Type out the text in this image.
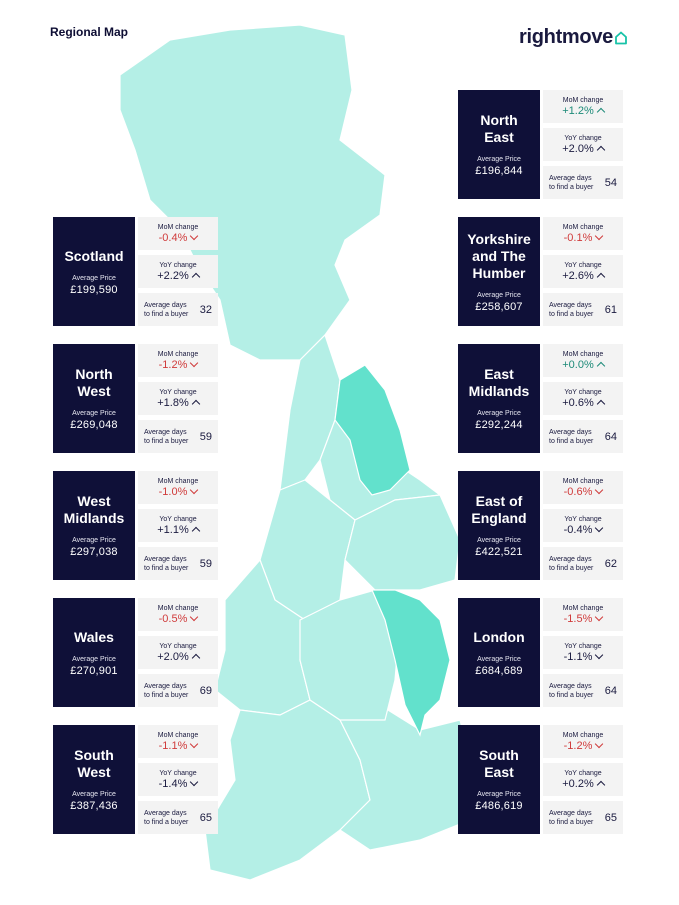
Regional Map	rightmove
North
East
Average Price
£196,844
MoM change
+1.2%
YoY change
+2.0%
Average days
to find a buyer 54
Scotland
Average Price
£199,590
MoM change
-0.4%
YoY change
+2.2%
Average days
to find a buyer 32
Yorkshire
and The
Humber
Average Price
£258,607
MoM change
-0.1%
YoY change
+2.6%
Average days
to find a buyer 61
North
West
Average Price
£269,048
MoM change
-1.2%
YoY change
+1.8%
Average days
to find a buyer 59
East
Midlands
Average Price
£292,244
MoM change
+0.0%
YoY change
+0.6%
Average days
to find a buyer 64
West
Midlands
Average Price
£297,038
MoM change
-1.0%
YoY change
+1.1%
Average days
to find a buyer 59
East of
England
Average Price
£422,521
MoM change
-0.6%
YoY change
-0.4%
Average days
to find a buyer 62
Wales
Average Price
£270,901
MoM change
-0.5%
YoY change
+2.0%
Average days
to find a buyer 69
London
Average Price
£684,689
MoM change
-1.5%
YoY change
-1.1%
Average days
to find a buyer 64
South
West
Average Price
£387,436
MoM change
-1.1%
YoY change
-1.4%
Average days
to find a buyer 65
South
East
Average Price
£486,619
MoM change
-1.2%
YoY change
+0.2%
Average days
to find a buyer 65
